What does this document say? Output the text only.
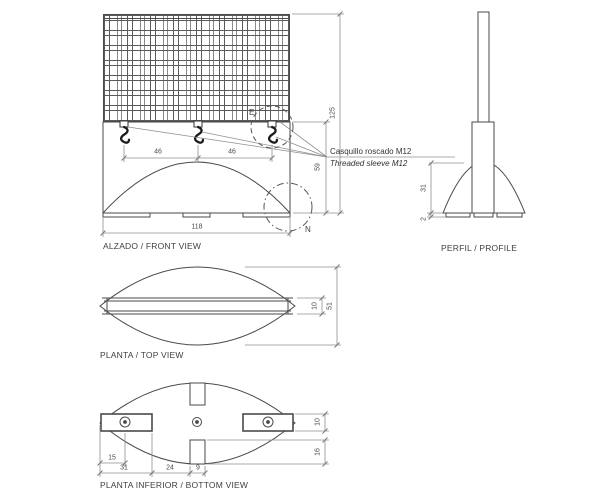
46	46
118
59
125
E
N
Casquillo roscado M12
Threaded sleeve M12
ALZADO / FRONT VIEW
31
2
PERFIL / PROFILE
10 51
PLANTA / TOP VIEW
10
16
15
31	24	9
PLANTA INFERIOR / BOTTOM VIEW
